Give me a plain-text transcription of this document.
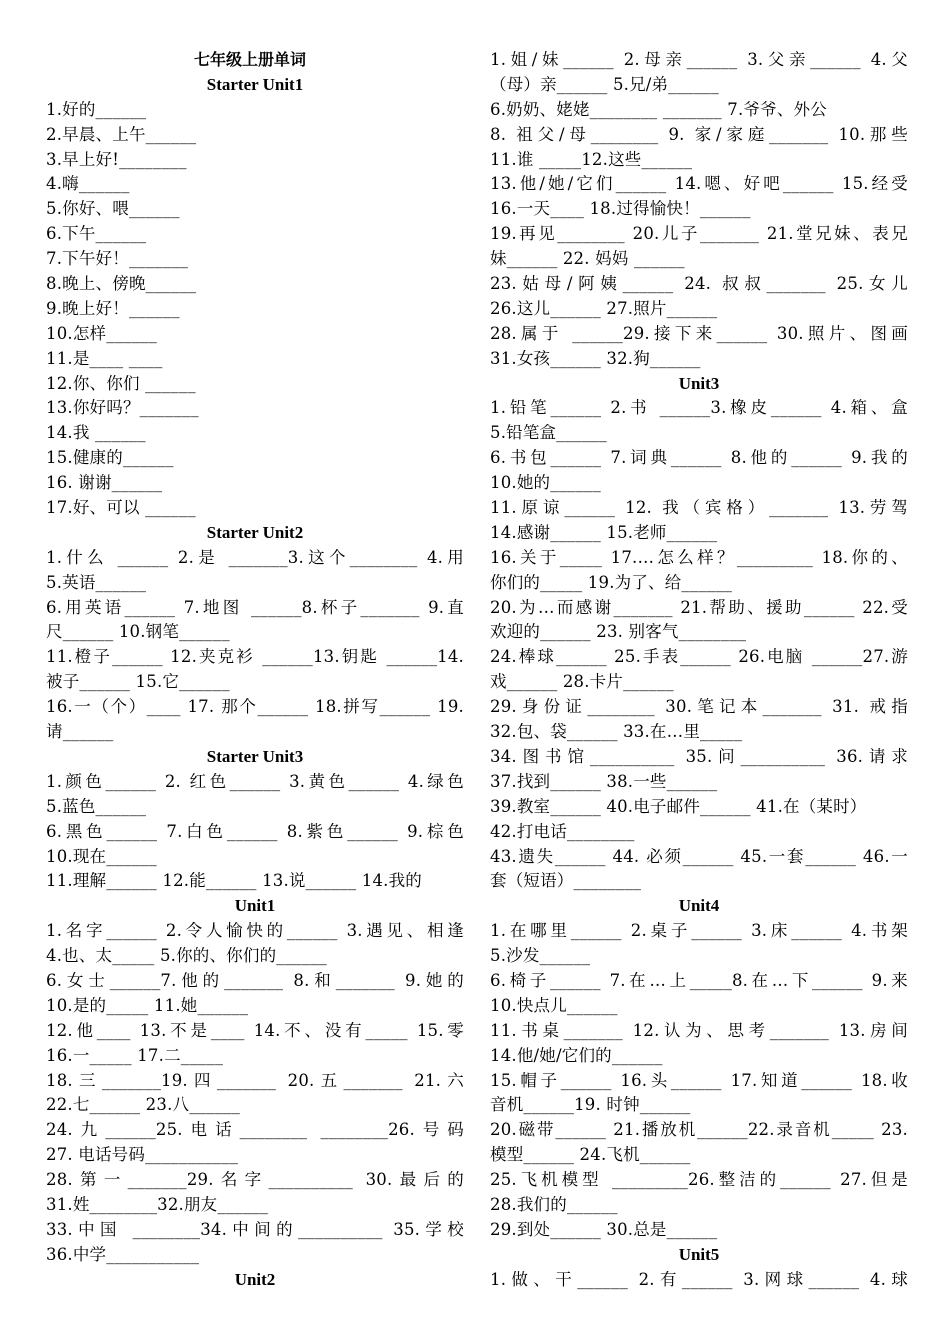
七年级上册单词
Starter Unit1
1.好的______
2.早晨、上午______
3.早上好!________
4.嗨______
5.你好、喂______
6.下午______
7.下午好！_______
8.晚上、傍晚______
9.晚上好！______
10.怎样______
11.是____ ____
12.你、你们 ______
13.你好吗？_______
14.我 ______
15.健康的______
16. 谢谢______
17.好、可以 ______
Starter Unit2
1.什么 ______ 2.是 _______3.这个________ 4.用
5.英语______
6.用英语______ 7.地图 ______8.杯子_______ 9.直
尺______ 10.钢笔______
11.橙子______ 12.夹克衫 ______13.钥匙 ______14.
被子______ 15.它______
16.一（个）____ 17. 那个______ 18.拼写______ 19.
请______
Starter Unit3
1.颜色______ 2. 红色______ 3.黄色______ 4.绿色
5.蓝色______
6.黑色______ 7.白色______ 8.紫色______ 9.棕色
10.现在______
11.理解______ 12.能______ 13.说______ 14.我的
Unit1
1.名字______ 2.令人愉快的______ 3.遇见、相逢
4.也、太_____ 5.你的、你们的______
6.女士______7.他的_______ 8.和_______ 9.她的
10.是的_____ 11.她______
12.他____ 13.不是____ 14.不、没有_____ 15.零
16.一_____ 17.二_____
18.三_______19.四_______ 20.五_______ 21.六
22.七______ 23.八______
24.九______25.电话________ ________26.号码
27. 电话号码___________
28.第一_______29.名字__________ 30.最后的
31.姓________32.朋友______
33.中国 ________34.中间的__________ 35.学校
36.中学___________
Unit2
1.姐/妹______ 2.母亲______ 3.父亲______ 4.父
（母）亲______ 5.兄/弟______
6.奶奶、姥姥________ _______ 7.爷爷、外公
8. 祖父/母________ 9. 家/家庭_______ 10.那些
11.谁 _____12.这些______
13.他/她/它们______ 14.嗯、好吧______ 15.经受
16.一天____ 18.过得愉快！______
19.再见________ 20.儿子_______ 21.堂兄妹、表兄
妹______ 22. 妈妈 ______
23.姑母/阿姨______ 24. 叔叔_______ 25.女儿
26.这儿______ 27.照片______
28.属于 ______29.接下来______ 30.照片、图画
31.女孩______ 32.狗______
Unit3
1.铅笔______ 2.书 ______3.橡皮______ 4.箱、盒
5.铅笔盒______
6.书包______ 7.词典______ 8.他的______ 9.我的
10.她的______
11.原谅______ 12. 我（宾格）_______ 13.劳驾
14.感谢______ 15.老师______
16.关于_____ 17.…怎么样？_________ 18.你的、
你们的_____ 19.为了、给______
20.为…而感谢_______ 21.帮助、援助______ 22.受
欢迎的______ 23. 别客气________
24.棒球______ 25.手表______ 26.电脑 ______27.游
戏______ 28.卡片______
29.身份证________ 30.笔记本_______ 31. 戒指
32.包、袋______ 33.在…里_____
34.图书馆__________ 35.问__________ 36.请求
37.找到______ 38.一些______
39.教室______ 40.电子邮件______ 41.在（某时）
42.打电话________
43.遗失______ 44. 必须______ 45.一套______ 46.一
套（短语）________
Unit4
1.在哪里______ 2.桌子______ 3.床______ 4.书架
5.沙发______
6.椅子______ 7.在…上_____8.在…下______ 9.来
10.快点儿______
11.书桌_______ 12.认为、思考_______ 13.房间
14.他/她/它们的______
15.帽子______ 16.头______ 17.知道______ 18.收
音机______19. 时钟______
20.磁带______ 21.播放机______22.录音机_____ 23.
模型______ 24.飞机______
25.飞机模型 _________26.整洁的______ 27.但是
28.我们的______
29.到处______ 30.总是______
Unit5
1.做、干______ 2.有______ 3.网球______ 4.球
